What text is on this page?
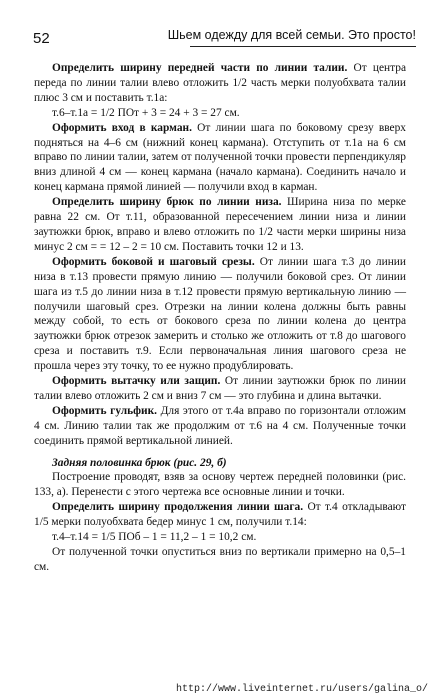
52	Шьем одежду для всей семьи. Это просто!

Определить ширину передней части по линии талии. От центра переда по линии талии влево отложить 1/2 часть мерки полуобхвата талии плюс 3 см и поставить т.1а:

т.6–т.1а = 1/2 ПОт + 3 = 24 + 3 = 27 см.

Оформить вход в карман. От линии шага по боковому срезу вверх подняться на 4–6 см (нижний конец кармана). Отступить от т.1а на 6 см вправо по линии талии, затем от полученной точки провести перпендикуляр вниз длиной 4 см — конец кармана (начало кармана). Соединить начало и конец кармана прямой линией — получили вход в карман.

Определить ширину брюк по линии низа. Ширина низа по мерке равна 22 см. От т.11, образованной пересечением линии низа и линии заутюжки брюк, вправо и влево отложить по 1/2 части мерки ширины низа минус 2 см = = 12 – 2 = 10 см. Поставить точки 12 и 13.

Оформить боковой и шаговый срезы. От линии шага т.3 до линии низа в т.13 провести прямую линию — получили боковой срез. От линии шага из т.5 до линии низа в т.12 провести прямую вертикальную линию — получили шаговый срез. Отрезки на линии колена должны быть равны между собой, то есть от бокового среза по линии колена до центра заутюжки брюк отрезок замерить и столько же отложить от т.8 до шагового среза и поставить т.9. Если первоначальная линия шагового среза не прошла через эту точку, то ее нужно продублировать.

Оформить вытачку или защип. От линии заутюжки брюк по линии талии влево отложить 2 см и вниз 7 см — это глубина и длина вытачки.

Оформить гульфик. Для этого от т.4а вправо по горизонтали отложим 4 см. Линию талии так же продолжим от т.6 на 4 см. Полученные точки соединить прямой вертикальной линией.

Задняя половинка брюк (рис. 29, б)

Построение проводят, взяв за основу чертеж передней половинки (рис. 133, а). Перенести с этого чертежа все основные линии и точки.

Определить ширину продолжения линии шага. От т.4 откладывают 1/5 мерки полуобхвата бедер минус 1 см, получили т.14:

т.4–т.14 = 1/5 ПОб – 1 = 11,2 – 1 = 10,2 см.

От полученной точки опуститься вниз по вертикали примерно на 0,5–1 см.

http://www.liveinternet.ru/users/galina_o/
